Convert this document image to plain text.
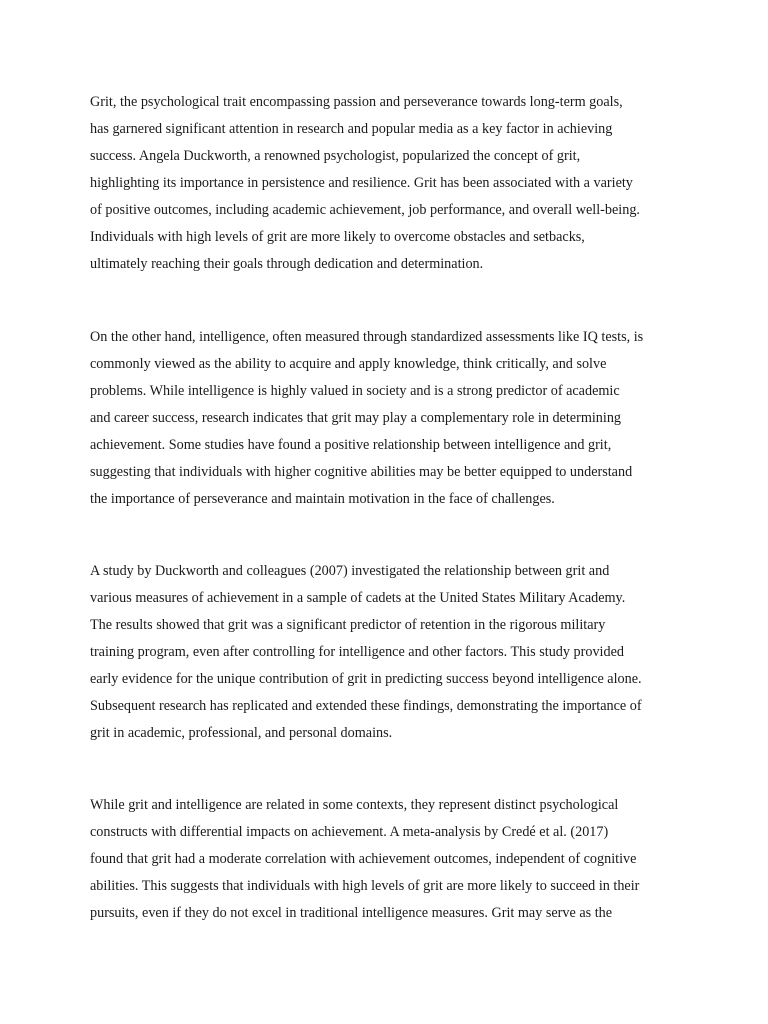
Grit, the psychological trait encompassing passion and perseverance towards long-term goals,
has garnered significant attention in research and popular media as a key factor in achieving
success. Angela Duckworth, a renowned psychologist, popularized the concept of grit,
highlighting its importance in persistence and resilience. Grit has been associated with a variety
of positive outcomes, including academic achievement, job performance, and overall well-being.
Individuals with high levels of grit are more likely to overcome obstacles and setbacks,
ultimately reaching their goals through dedication and determination.

On the other hand, intelligence, often measured through standardized assessments like IQ tests, is
commonly viewed as the ability to acquire and apply knowledge, think critically, and solve
problems. While intelligence is highly valued in society and is a strong predictor of academic
and career success, research indicates that grit may play a complementary role in determining
achievement. Some studies have found a positive relationship between intelligence and grit,
suggesting that individuals with higher cognitive abilities may be better equipped to understand
the importance of perseverance and maintain motivation in the face of challenges.

A study by Duckworth and colleagues (2007) investigated the relationship between grit and
various measures of achievement in a sample of cadets at the United States Military Academy.
The results showed that grit was a significant predictor of retention in the rigorous military
training program, even after controlling for intelligence and other factors. This study provided
early evidence for the unique contribution of grit in predicting success beyond intelligence alone.
Subsequent research has replicated and extended these findings, demonstrating the importance of
grit in academic, professional, and personal domains.

While grit and intelligence are related in some contexts, they represent distinct psychological
constructs with differential impacts on achievement. A meta-analysis by Credé et al. (2017)
found that grit had a moderate correlation with achievement outcomes, independent of cognitive
abilities. This suggests that individuals with high levels of grit are more likely to succeed in their
pursuits, even if they do not excel in traditional intelligence measures. Grit may serve as the
